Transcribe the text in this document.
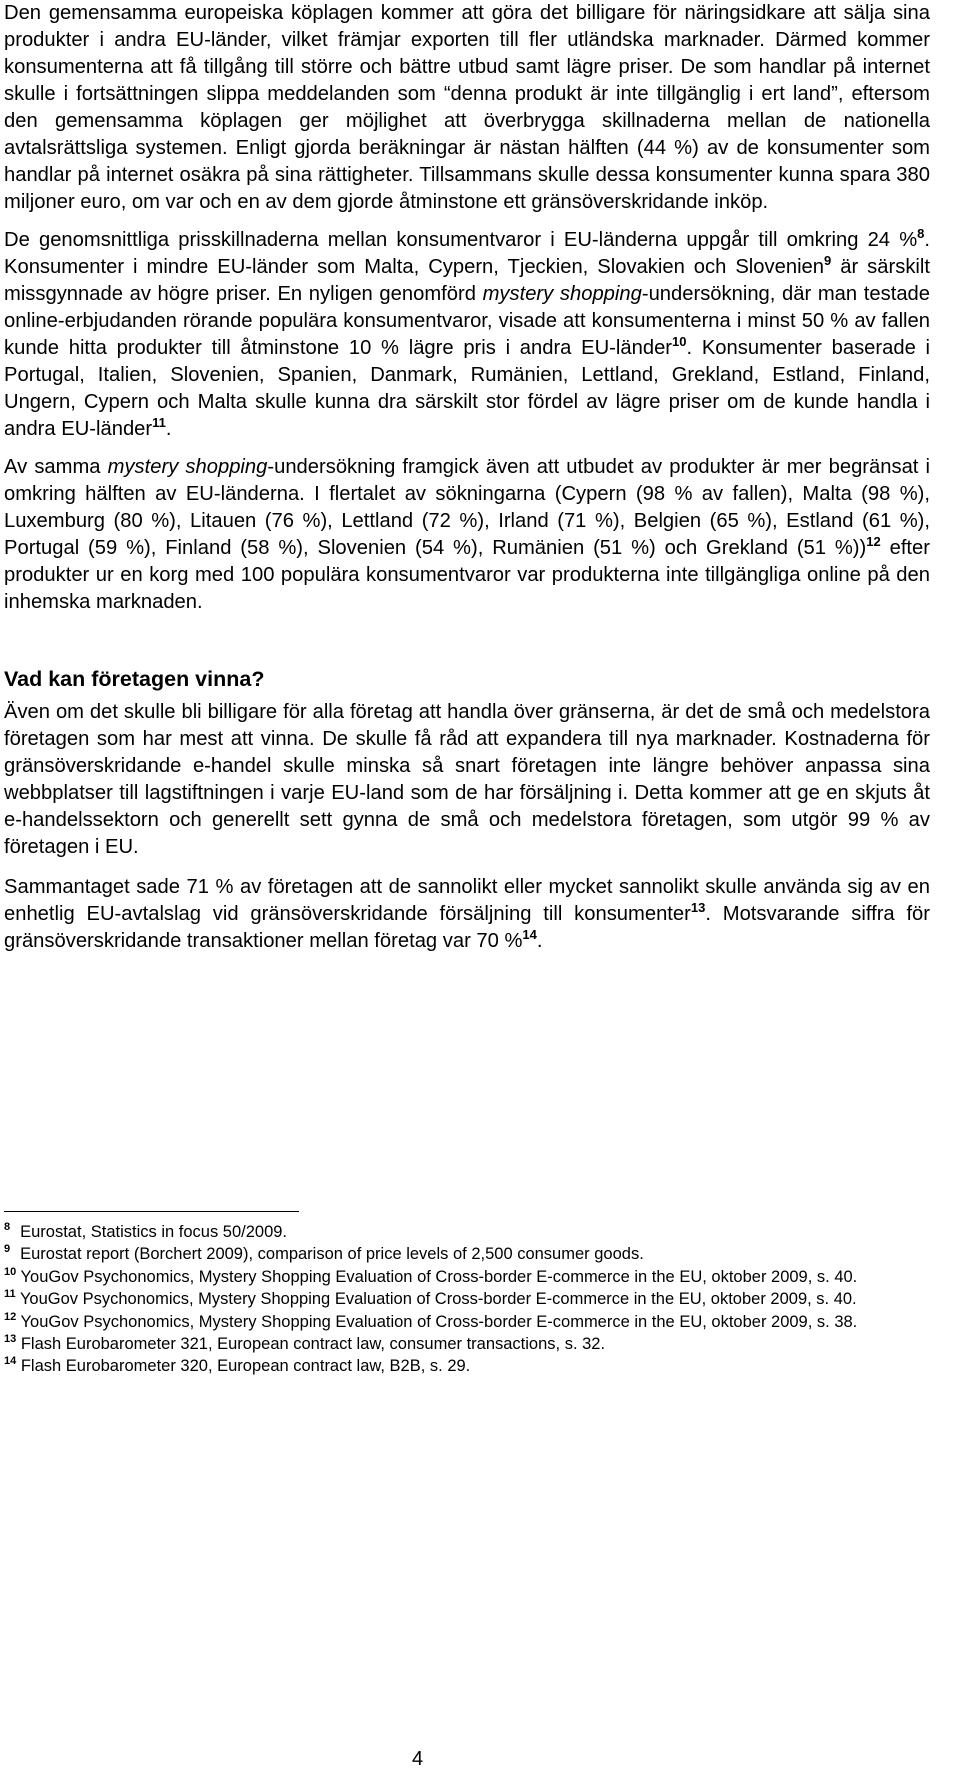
Den gemensamma europeiska köplagen kommer att göra det billigare för näringsidkare att sälja sina produkter i andra EU-länder, vilket främjar exporten till fler utländska marknader. Därmed kommer konsumenterna att få tillgång till större och bättre utbud samt lägre priser. De som handlar på internet skulle i fortsättningen slippa meddelanden som “denna produkt är inte tillgänglig i ert land”, eftersom den gemensamma köplagen ger möjlighet att överbrygga skillnaderna mellan de nationella avtalsrättsliga systemen. Enligt gjorda beräkningar är nästan hälften (44 %) av de konsumenter som handlar på internet osäkra på sina rättigheter. Tillsammans skulle dessa konsumenter kunna spara 380 miljoner euro, om var och en av dem gjorde åtminstone ett gränsöverskridande inköp.

De genomsnittliga prisskillnaderna mellan konsumentvaror i EU-länderna uppgår till omkring 24 %$^8$. Konsumenter i mindre EU-länder som Malta, Cypern, Tjeckien, Slovakien och Slovenien$^9$ är särskilt missgynnade av högre priser. En nyligen genomförd mystery shopping-undersökning, där man testade online-erbjudanden rörande populära konsumentvaror, visade att konsumenterna i minst 50 % av fallen kunde hitta produkter till åtminstone 10 % lägre pris i andra EU-länder$^{10}$. Konsumenter baserade i Portugal, Italien, Slovenien, Spanien, Danmark, Rumänien, Lettland, Grekland, Estland, Finland, Ungern, Cypern och Malta skulle kunna dra särskilt stor fördel av lägre priser om de kunde handla i andra EU-länder$^{11}$.

Av samma mystery shopping-undersökning framgick även att utbudet av produkter är mer begränsat i omkring hälften av EU-länderna. I flertalet av sökningarna (Cypern (98 % av fallen), Malta (98 %), Luxemburg (80 %), Litauen (76 %), Lettland (72 %), Irland (71 %), Belgien (65 %), Estland (61 %), Portugal (59 %), Finland (58 %), Slovenien (54 %), Rumänien (51 %) och Grekland (51 %))$^{12}$ efter produkter ur en korg med 100 populära konsumentvaror var produkterna inte tillgängliga online på den inhemska marknaden.

Vad kan företagen vinna?

Även om det skulle bli billigare för alla företag att handla över gränserna, är det de små och medelstora företagen som har mest att vinna. De skulle få råd att expandera till nya marknader. Kostnaderna för gränsöverskridande e-handel skulle minska så snart företagen inte längre behöver anpassa sina webbplatser till lagstiftningen i varje EU-land som de har försäljning i. Detta kommer att ge en skjuts åt e-handelssektorn och generellt sett gynna de små och medelstora företagen, som utgör 99 % av företagen i EU.

Sammantaget sade 71 % av företagen att de sannolikt eller mycket sannolikt skulle använda sig av en enhetlig EU-avtalslag vid gränsöverskridande försäljning till konsumenter$^{13}$. Motsvarande siffra för gränsöverskridande transaktioner mellan företag var 70 %$^{14}$.

$^8$ Eurostat, Statistics in focus 50/2009.

$^9$ Eurostat report (Borchert 2009), comparison of price levels of 2,500 consumer goods.

$^{10}$ YouGov Psychonomics, Mystery Shopping Evaluation of Cross-border E-commerce in the EU, oktober 2009, s. 40.

$^{11}$ YouGov Psychonomics, Mystery Shopping Evaluation of Cross-border E-commerce in the EU, oktober 2009, s. 40.

$^{12}$ YouGov Psychonomics, Mystery Shopping Evaluation of Cross-border E-commerce in the EU, oktober 2009, s. 38.

$^{13}$ Flash Eurobarometer 321, European contract law, consumer transactions, s. 32.

$^{14}$ Flash Eurobarometer 320, European contract law, B2B, s. 29.

4
